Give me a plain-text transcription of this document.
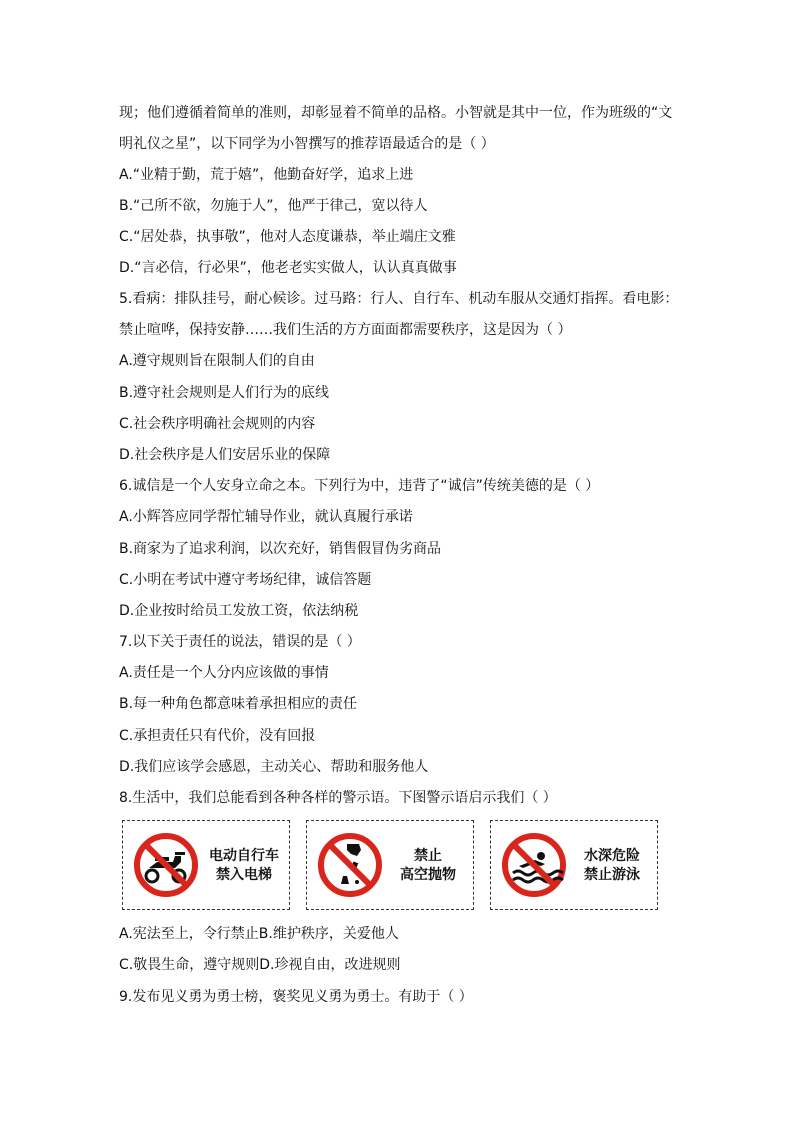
现；他们遵循着简单的准则，却彰显着不简单的品格。小智就是其中一位，作为班级的“文
明礼仪之星”，以下同学为小智撰写的推荐语最适合的是（ ）
A.“业精于勤，荒于嬉”，他勤奋好学，追求上进
B.“己所不欲，勿施于人”，他严于律己，宽以待人
C.“居处恭，执事敬”，他对人态度谦恭，举止端庄文雅
D.“言必信，行必果”，他老老实实做人，认认真真做事
5.看病：排队挂号，耐心候诊。过马路：行人、自行车、机动车服从交通灯指挥。看电影：
禁止喧哗，保持安静……我们生活的方方面面都需要秩序，这是因为（ ）
A.遵守规则旨在限制人们的自由
B.遵守社会规则是人们行为的底线
C.社会秩序明确社会规则的内容
D.社会秩序是人们安居乐业的保障
6.诚信是一个人安身立命之本。下列行为中，违背了“诚信”传统美德的是（ ）
A.小辉答应同学帮忙辅导作业，就认真履行承诺
B.商家为了追求利润，以次充好，销售假冒伪劣商品
C.小明在考试中遵守考场纪律，诚信答题
D.企业按时给员工发放工资，依法纳税
7.以下关于责任的说法，错误的是（ ）
A.责任是一个人分内应该做的事情
B.每一种角色都意味着承担相应的责任
C.承担责任只有代价，没有回报
D.我们应该学会感恩，主动关心、帮助和服务他人
8.生活中，我们总能看到各种各样的警示语。下图警示语启示我们（ ）
电动自行车
禁入电梯
禁止
高空抛物
水深危险
禁止游泳
A.宪法至上，令行禁止B.维护秩序，关爱他人
C.敬畏生命，遵守规则D.珍视自由，改进规则
9.发布见义勇为勇士榜，褒奖见义勇为勇士。有助于（ ）
